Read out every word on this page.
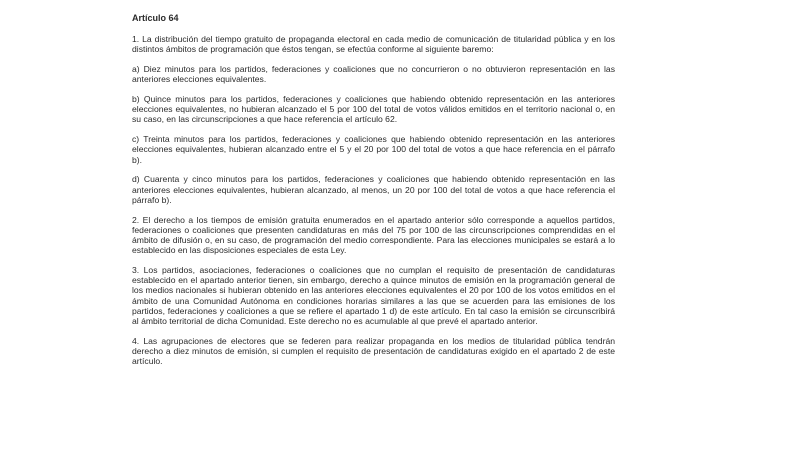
Artículo 64

1. La distribución del tiempo gratuito de propaganda electoral en cada medio de comunicación de titularidad pública y en los distintos ámbitos de programación que éstos tengan, se efectúa conforme al siguiente baremo:

a) Diez minutos para los partidos, federaciones y coaliciones que no concurrieron o no obtuvieron representación en las anteriores elecciones equivalentes.

b) Quince minutos para los partidos, federaciones y coaliciones que habiendo obtenido representación en las anteriores elecciones equivalentes, no hubieran alcanzado el 5 por 100 del total de votos válidos emitidos en el territorio nacional o, en su caso, en las circunscripciones a que hace referencia el artículo 62.

c) Treinta minutos para los partidos, federaciones y coaliciones que habiendo obtenido representación en las anteriores elecciones equivalentes, hubieran alcanzado entre el 5 y el 20 por 100 del total de votos a que hace referencia en el párrafo b).

d) Cuarenta y cinco minutos para los partidos, federaciones y coaliciones que habiendo obtenido representación en las anteriores elecciones equivalentes, hubieran alcanzado, al menos, un 20 por 100 del total de votos a que hace referencia el párrafo b).

2. El derecho a los tiempos de emisión gratuita enumerados en el apartado anterior sólo corresponde a aquellos partidos, federaciones o coaliciones que presenten candidaturas en más del 75 por 100 de las circunscripciones comprendidas en el ámbito de difusión o, en su caso, de programación del medio correspondiente. Para las elecciones municipales se estará a lo establecido en las disposiciones especiales de esta Ley.

3. Los partidos, asociaciones, federaciones o coaliciones que no cumplan el requisito de presentación de candidaturas establecido en el apartado anterior tienen, sin embargo, derecho a quince minutos de emisión en la programación general de los medios nacionales si hubieran obtenido en las anteriores elecciones equivalentes el 20 por 100 de los votos emitidos en el ámbito de una Comunidad Autónoma en condiciones horarias similares a las que se acuerden para las emisiones de los partidos, federaciones y coaliciones a que se refiere el apartado 1 d) de este artículo. En tal caso la emisión se circunscribirá al ámbito territorial de dicha Comunidad. Este derecho no es acumulable al que prevé el apartado anterior.

4. Las agrupaciones de electores que se federen para realizar propaganda en los medios de titularidad pública tendrán derecho a diez minutos de emisión, si cumplen el requisito de presentación de candidaturas exigido en el apartado 2 de este artículo.
